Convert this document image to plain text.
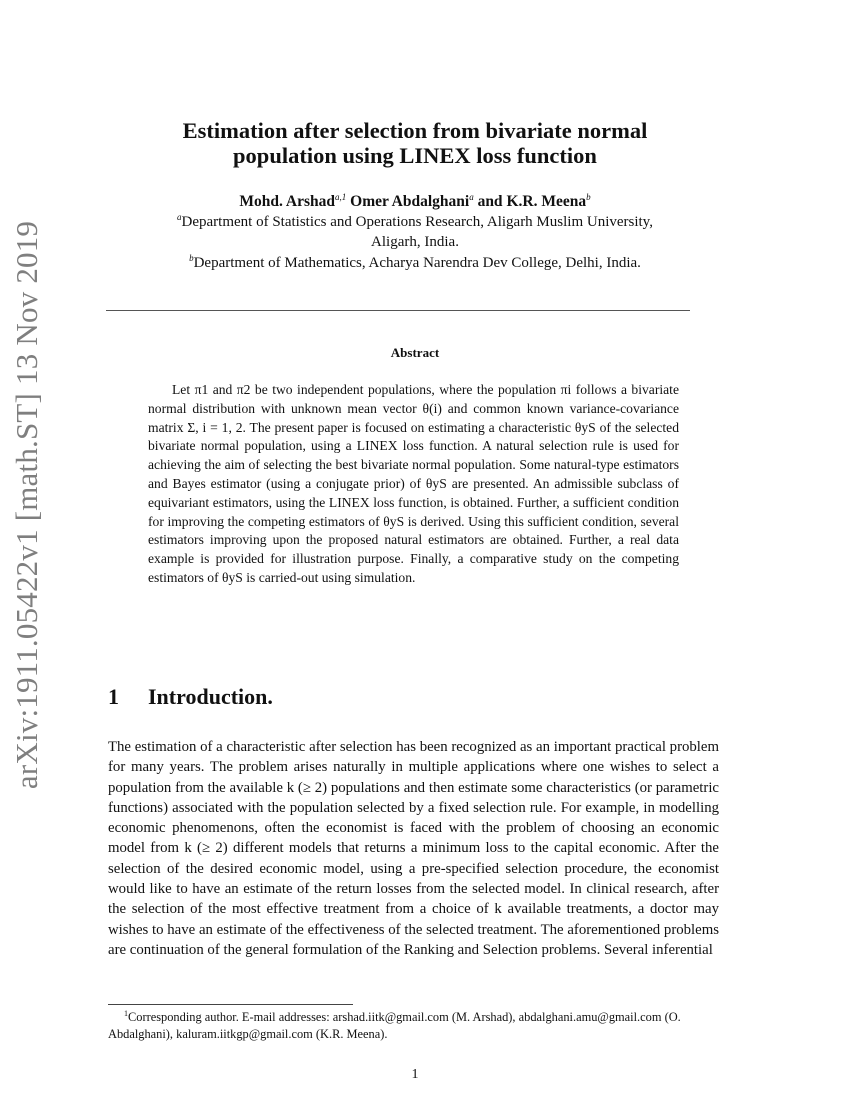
arXiv:1911.05422v1 [math.ST] 13 Nov 2019
Estimation after selection from bivariate normal
population using LINEX loss function
Mohd. Arshad$^{a,1}$ Omer Abdalghani$^a$ and K.R. Meena$^b$
$^a$Department of Statistics and Operations Research, Aligarh Muslim University,
Aligarh, India.
$^b$Department of Mathematics, Acharya Narendra Dev College, Delhi, India.
Abstract
Let π1 and π2 be two independent populations, where the population πi follows a bivariate normal distribution with unknown mean vector θ(i) and common known variance-covariance matrix Σ, i = 1, 2. The present paper is focused on estimating a characteristic θyS of the selected bivariate normal population, using a LINEX loss function. A natural selection rule is used for achieving the aim of selecting the best bivariate normal population. Some natural-type estimators and Bayes estimator (using a conjugate prior) of θyS are presented. An admissible subclass of equivariant estimators, using the LINEX loss function, is obtained. Further, a sufficient condition for improving the competing estimators of θyS is derived. Using this sufficient condition, several estimators improving upon the proposed natural estimators are obtained. Further, a real data example is provided for illustration purpose. Finally, a comparative study on the competing estimators of θyS is carried-out using simulation.
1 Introduction.
The estimation of a characteristic after selection has been recognized as an important practical problem for many years. The problem arises naturally in multiple applications where one wishes to select a population from the available k (≥ 2) populations and then estimate some characteristics (or parametric functions) associated with the population selected by a fixed selection rule. For example, in modelling economic phenomenons, often the economist is faced with the problem of choosing an economic model from k (≥ 2) different models that returns a minimum loss to the capital economic. After the selection of the desired economic model, using a pre-specified selection procedure, the economist would like to have an estimate of the return losses from the selected model. In clinical research, after the selection of the most effective treatment from a choice of k available treatments, a doctor may wishes to have an estimate of the effectiveness of the selected treatment. The aforementioned problems are continuation of the general formulation of the Ranking and Selection problems. Several inferential
$^1$Corresponding author. E-mail addresses: arshad.iitk@gmail.com (M. Arshad), abdalghani.amu@gmail.com (O. Abdalghani), kaluram.iitkgp@gmail.com (K.R. Meena).
1
